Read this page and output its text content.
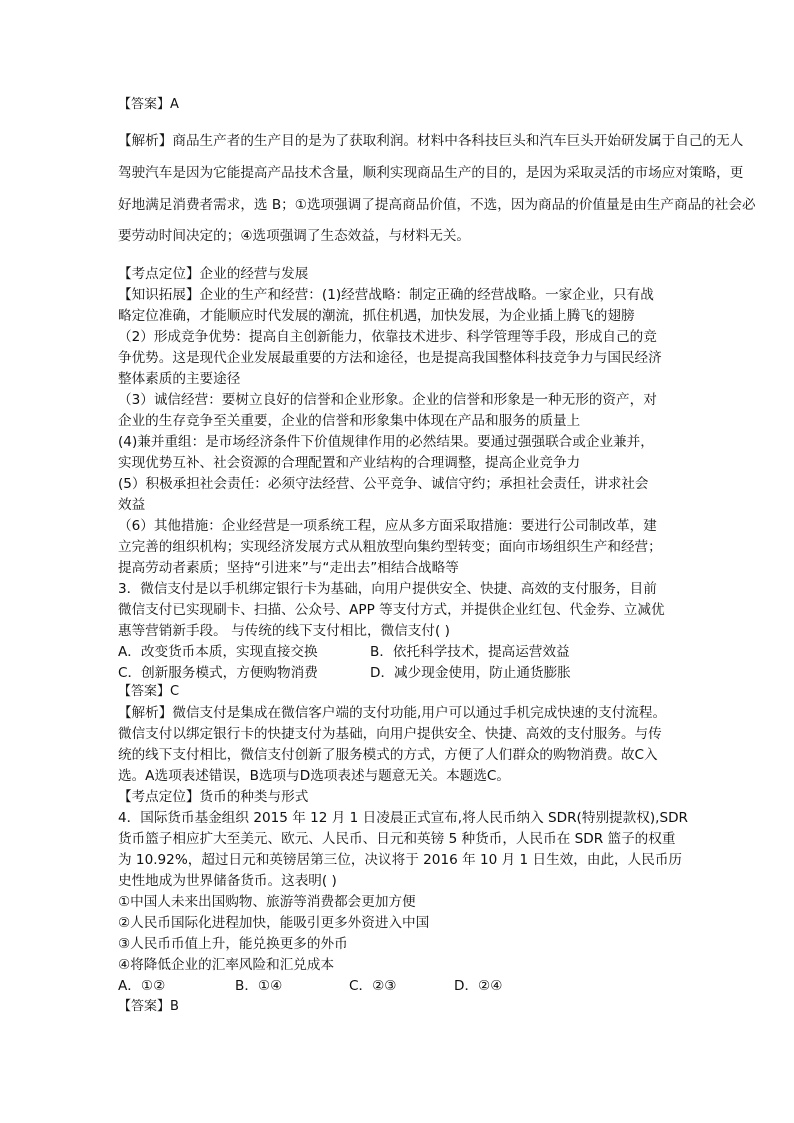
【答案】A
【解析】商品生产者的生产目的是为了获取利润。材料中各科技巨头和汽车巨头开始研发属于自己的无人
驾驶汽车是因为它能提高产品技术含量，顺利实现商品生产的目的，是因为采取灵活的市场应对策略，更
好地满足消费者需求，选 B；①选项强调了提高商品价值，不选，因为商品的价值量是由生产商品的社会必
要劳动时间决定的；④选项强调了生态效益，与材料无关。
【考点定位】企业的经营与发展
【知识拓展】企业的生产和经营：(1)经营战略：制定正确的经营战略。一家企业，只有战
略定位准确，才能顺应时代发展的潮流，抓住机遇，加快发展，为企业插上腾飞的翅膀
（2）形成竞争优势：提高自主创新能力，依靠技术进步、科学管理等手段，形成自己的竞
争优势。这是现代企业发展最重要的方法和途径，也是提高我国整体科技竞争力与国民经济
整体素质的主要途径
（3）诚信经营：要树立良好的信誉和企业形象。企业的信誉和形象是一种无形的资产，对
企业的生存竞争至关重要，企业的信誉和形象集中体现在产品和服务的质量上
(4)兼并重组：是市场经济条件下价值规律作用的必然结果。要通过强强联合或企业兼并，
实现优势互补、社会资源的合理配置和产业结构的合理调整，提高企业竞争力
(5）积极承担社会责任：必须守法经营、公平竞争、诚信守约；承担社会责任，讲求社会
效益
（6）其他措施：企业经营是一项系统工程，应从多方面采取措施：要进行公司制改革，建
立完善的组织机构；实现经济发展方式从粗放型向集约型转变；面向市场组织生产和经营；
提高劳动者素质；坚持“引进来”与“走出去”相结合战略等
3．微信支付是以手机绑定银行卡为基础，向用户提供安全、快捷、高效的支付服务，目前
微信支付已实现刷卡、扫描、公众号、APP 等支付方式，并提供企业红包、代金券、立减优
惠等营销新手段。 与传统的线下支付相比，微信支付( )
A．改变货币本质，实现直接交换	B．依托科学技术，提高运营效益
C．创新服务模式，方便购物消费	D．减少现金使用，防止通货膨胀
【答案】C
【解析】微信支付是集成在微信客户端的支付功能,用户可以通过手机完成快速的支付流程。
微信支付以绑定银行卡的快捷支付为基础，向用户提供安全、快捷、高效的支付服务。与传
统的线下支付相比，微信支付创新了服务模式的方式，方便了人们群众的购物消费。故C入
选。A选项表述错误，B选项与D选项表述与题意无关。本题选C。
【考点定位】货币的种类与形式
4．国际货币基金组织 2015 年 12 月 1 日凌晨正式宣布,将人民币纳入 SDR(特别提款权),SDR
货币篮子相应扩大至美元、欧元、人民币、日元和英镑 5 种货币，人民币在 SDR 篮子的权重
为 10.92%，超过日元和英镑居第三位，决议将于 2016 年 10 月 1 日生效，由此，人民币历
史性地成为世界储备货币。这表明( )
①中国人未来出国购物、旅游等消费都会更加方便
②人民币国际化进程加快，能吸引更多外资进入中国
③人民币币值上升，能兑换更多的外币
④将降低企业的汇率风险和汇兑成本
A．①②	B．①④	C．②③	D．②④
【答案】B
